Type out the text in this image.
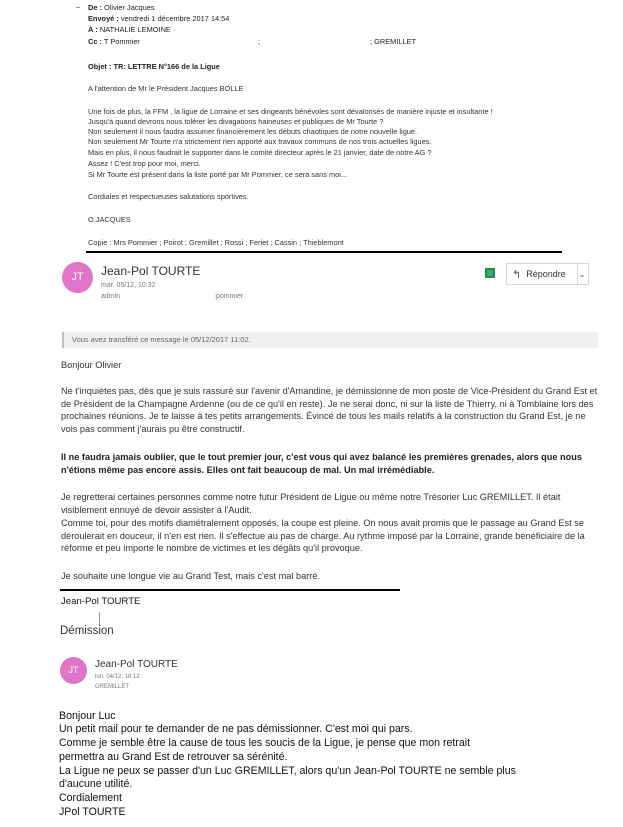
– De : Olivier Jacques
Envoyé : vendredi 1 décembre 2017 14:54
À : NATHALIE LEMOINE ·
Cc : T Pommier	;	; GREMILLET
Objet : TR: LETTRE N°166 de la Ligue
A l'attention de Mr le Président Jacques BOLLE
Une fois de plus, la FFM , la ligue de Lorraine et ses dirigeants bénévoles sont dévalorisés de manière injuste et insultante !
Jusqu'à quand devrons nous tolérer les divagations haineuses et publiques de Mr Tourte ?
Non seulement il nous faudra assumer financièrement les débuts chaotiques de notre nouvelle ligue.
Non seulement Mr Tourte n'a strictement rien apporté aux travaux communs de nos trois actuelles ligues.
Mais en plus, il nous faudrait le supporter dans le comité directeur après le 21 janvier, date de notre AG ?
Assez ! C'est trop pour moi, merci.
Si Mr Tourte est présent dans la liste porté par Mr Pommier, ce sera sans moi...
Cordiales et respectueuses salutations sportives.
O.JACQUES
Copie : Mrs Pommier ; Poirot ; Gremillet ; Rossi ; Feriet ; Cassin ; Thieblemont
JT	Jean-Pol TOURTE
mar. 05/12, 10:32
admin	:pommier
↰ Répondre	⌄
Vous avez transféré ce message le 05/12/2017 11:02.
Bonjour Olivier
Ne t'inquiètes pas, dès que je suis rassuré sur l'avenir d'Amandine, je démissionne de mon poste de Vice-Président du Grand Est et de Président de la Champagne Ardenne (ou de ce qu'il en reste). Je ne serai donc, ni sur la liste de Thierry, ni à Tomblaine lors des prochaines réunions. Je te laisse à tes petits arrangements. Évincé de tous les mails relatifs à la construction du Grand Est, je ne vois pas comment j'aurais pu être constructif.
Il ne faudra jamais oublier, que le tout premier jour, c'est vous qui avez balancé les premières grenades, alors que nous n'étions même pas encore assis. Elles ont fait beaucoup de mal. Un mal irrémédiable.
Je regretterai certaines personnes comme notre futur Président de Ligue ou même notre Trésorier Luc GREMILLET. Il était visiblement ennuyé de devoir assister à l'Audit.
Comme toi, pour des motifs diamétralement opposés, la coupe est pleine. On nous avait promis que le passage au Grand Est se déroulerait en douceur, il n'en est rien. Il s'effectue au pas de charge. Au rythme imposé par la Lorraine, grande bénéficiaire de la réforme et peu importe le nombre de victimes et les dégâts qu'il provoque.
Je souhaite une longue vie au Grand Test, mais c'est mal barré.
Jean-Pol TOURTE
Démission
JT	Jean-Pol TOURTE
lun. 04/12, 18:12
GREMILLET
Bonjour Luc
Un petit mail pour te demander de ne pas démissionner. C'est moi qui pars.
Comme je semble être la cause de tous les soucis de la Ligue, je pense que mon retrait
permettra au Grand Est de retrouver sa sérénité.
La Ligue ne peux se passer d'un Luc GREMILLET, alors qu'un Jean-Pol TOURTE ne semble plus
d'aucune utilité.
Cordialement
JPol TOURTE
